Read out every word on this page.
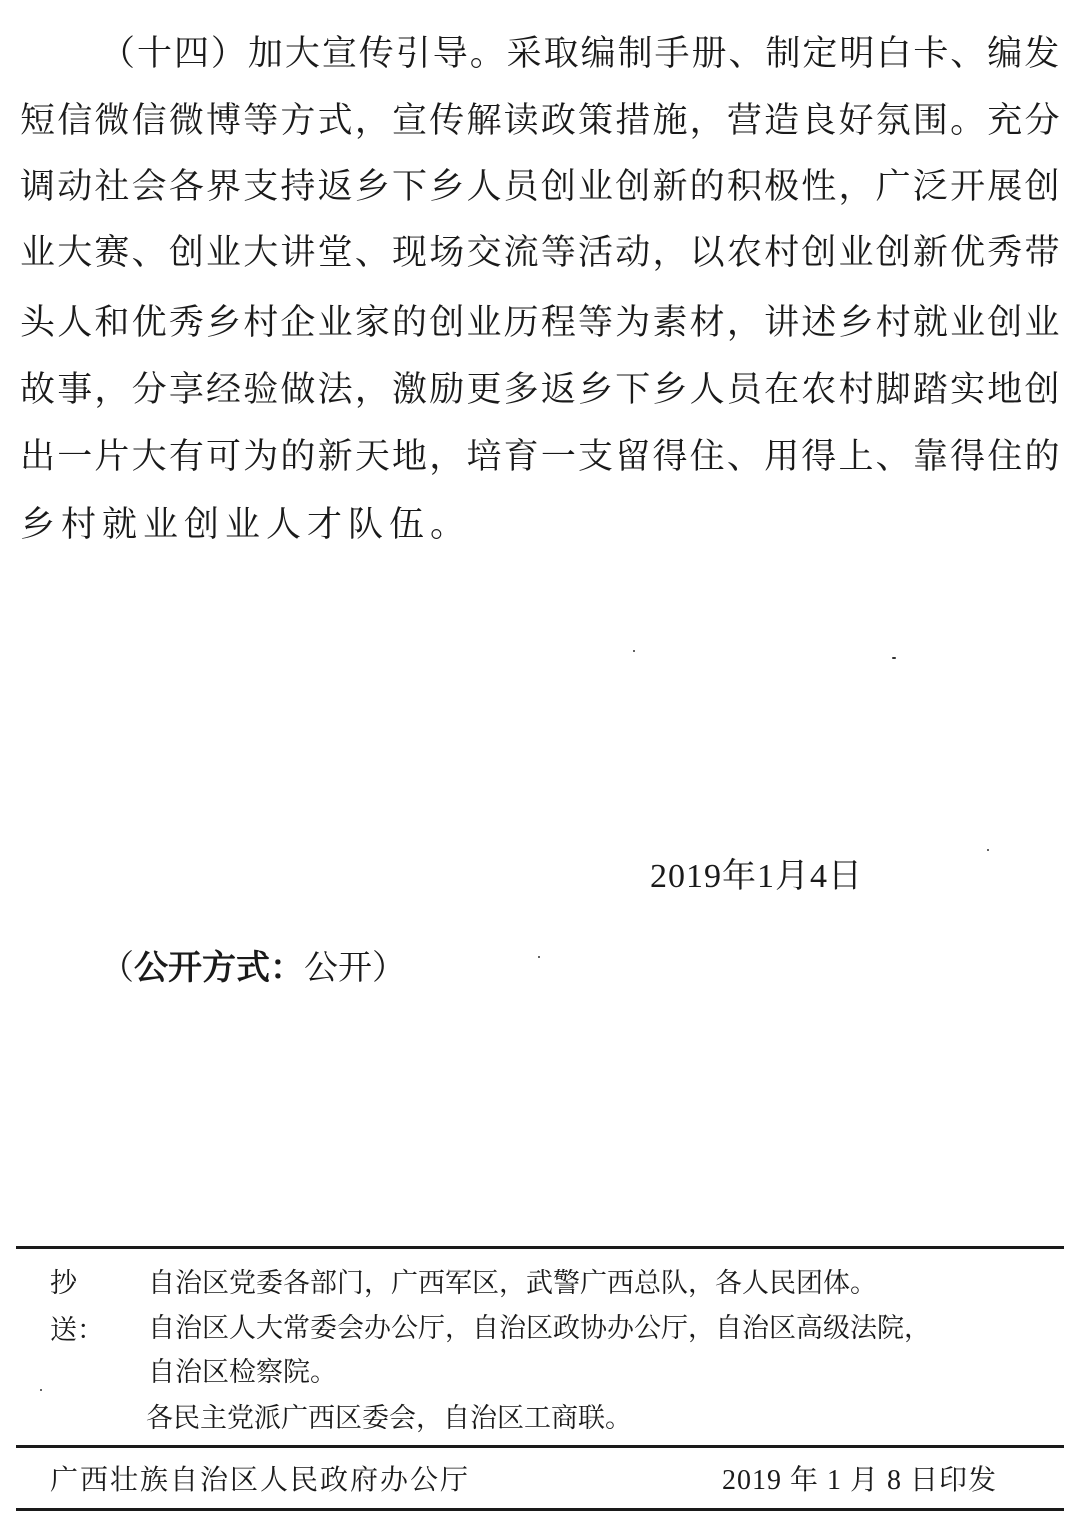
（ 十 四 ） 加 大 宣 传 引 导 。 采 取 编 制 手 册 、 制 定 明 白 卡 、 编 发
短 信 微 信 微 博 等 方 式 ， 宣 传 解 读 政 策 措 施 ， 营 造 良 好 氛 围 。 充 分
调 动 社 会 各 界 支 持 返 乡 下 乡 人 员 创 业 创 新 的 积 极 性 ， 广 泛 开 展 创
业 大 赛 、 创 业 大 讲 堂 、 现 场 交 流 等 活 动 ， 以 农 村 创 业 创 新 优 秀 带
头 人 和 优 秀 乡 村 企 业 家 的 创 业 历 程 等 为 素 材 ， 讲 述 乡 村 就 业 创 业
故 事 ， 分 享 经 验 做 法 ， 激 励 更 多 返 乡 下 乡 人 员 在 农 村 脚 踏 实 地 创
出 一 片 大 有 可 为 的 新 天 地 ， 培 育 一 支 留 得 住 、 用 得 上 、 靠 得 住 的
乡村就业创业人才队伍。
2019年1月4日
（公开方式：公开）
抄送：
自治区党委各部门，广西军区，武警广西总队，各人民团体。
自治区人大常委会办公厅，自治区政协办公厅，自治区高级法院，
自治区检察院。
各民主党派广西区委会，自治区工商联。
广西壮族自治区人民政府办公厅	2019 年 1 月 8 日印发
